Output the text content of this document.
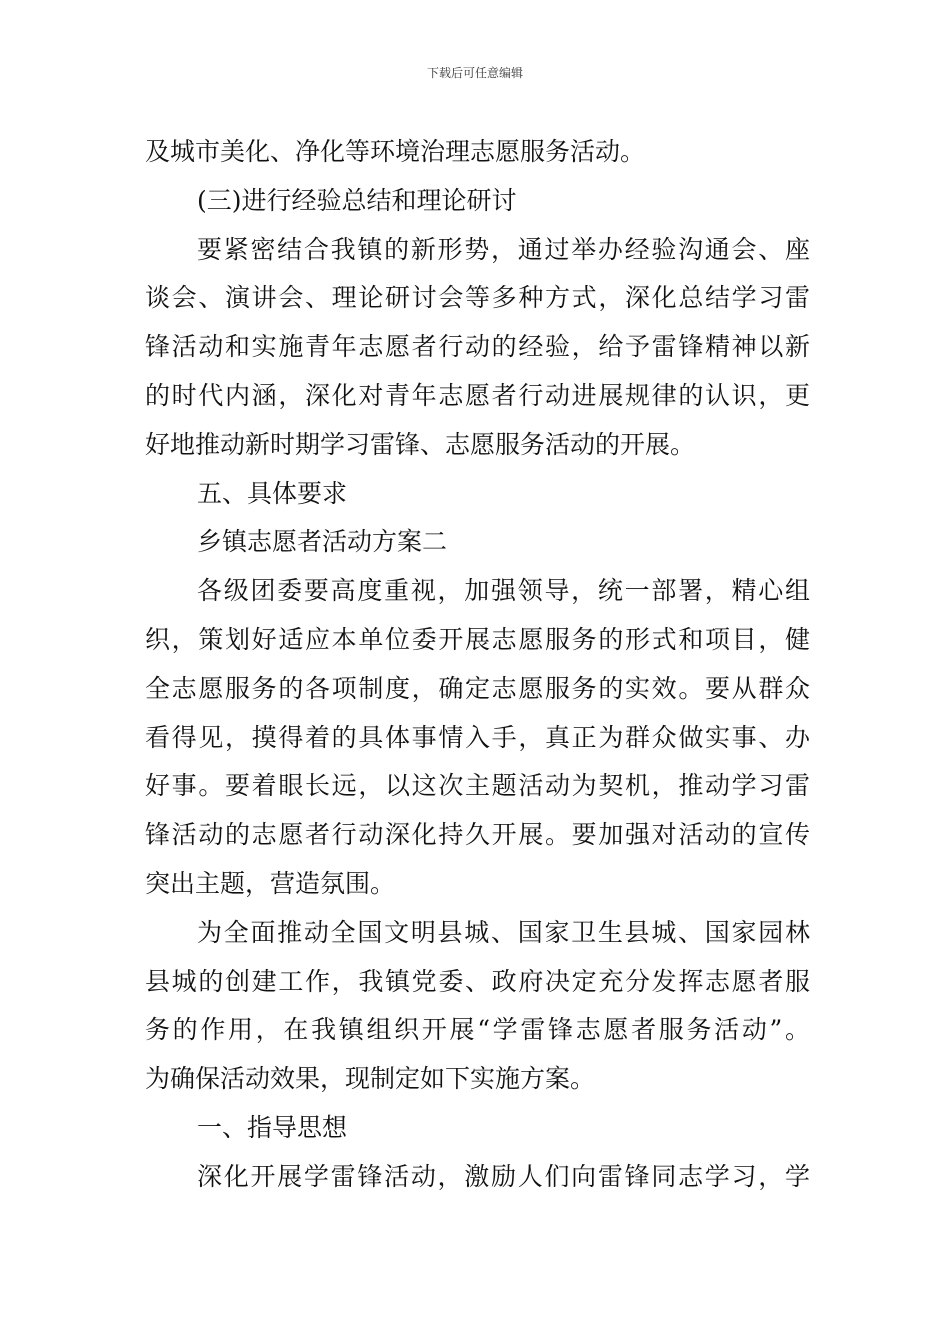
下载后可任意编辑
及城市美化、净化等环境治理志愿服务活动。
(三)进行经验总结和理论研讨
要紧密结合我镇的新形势，通过举办经验沟通会、座
谈会、演讲会、理论研讨会等多种方式，深化总结学习雷
锋活动和实施青年志愿者行动的经验，给予雷锋精神以新
的时代内涵，深化对青年志愿者行动进展规律的认识，更
好地推动新时期学习雷锋、志愿服务活动的开展。
五、具体要求
乡镇志愿者活动方案二
各级团委要高度重视，加强领导，统一部署，精心组
织，策划好适应本单位委开展志愿服务的形式和项目，健
全志愿服务的各项制度，确定志愿服务的实效。要从群众
看得见，摸得着的具体事情入手，真正为群众做实事、办
好事。要着眼长远，以这次主题活动为契机，推动学习雷
锋活动的志愿者行动深化持久开展。要加强对活动的宣传
突出主题，营造氛围。
为全面推动全国文明县城、国家卫生县城、国家园林
县城的创建工作，我镇党委、政府决定充分发挥志愿者服
务的作用，在我镇组织开展“学雷锋志愿者服务活动”。
为确保活动效果，现制定如下实施方案。
一、指导思想
深化开展学雷锋活动，激励人们向雷锋同志学习，学
